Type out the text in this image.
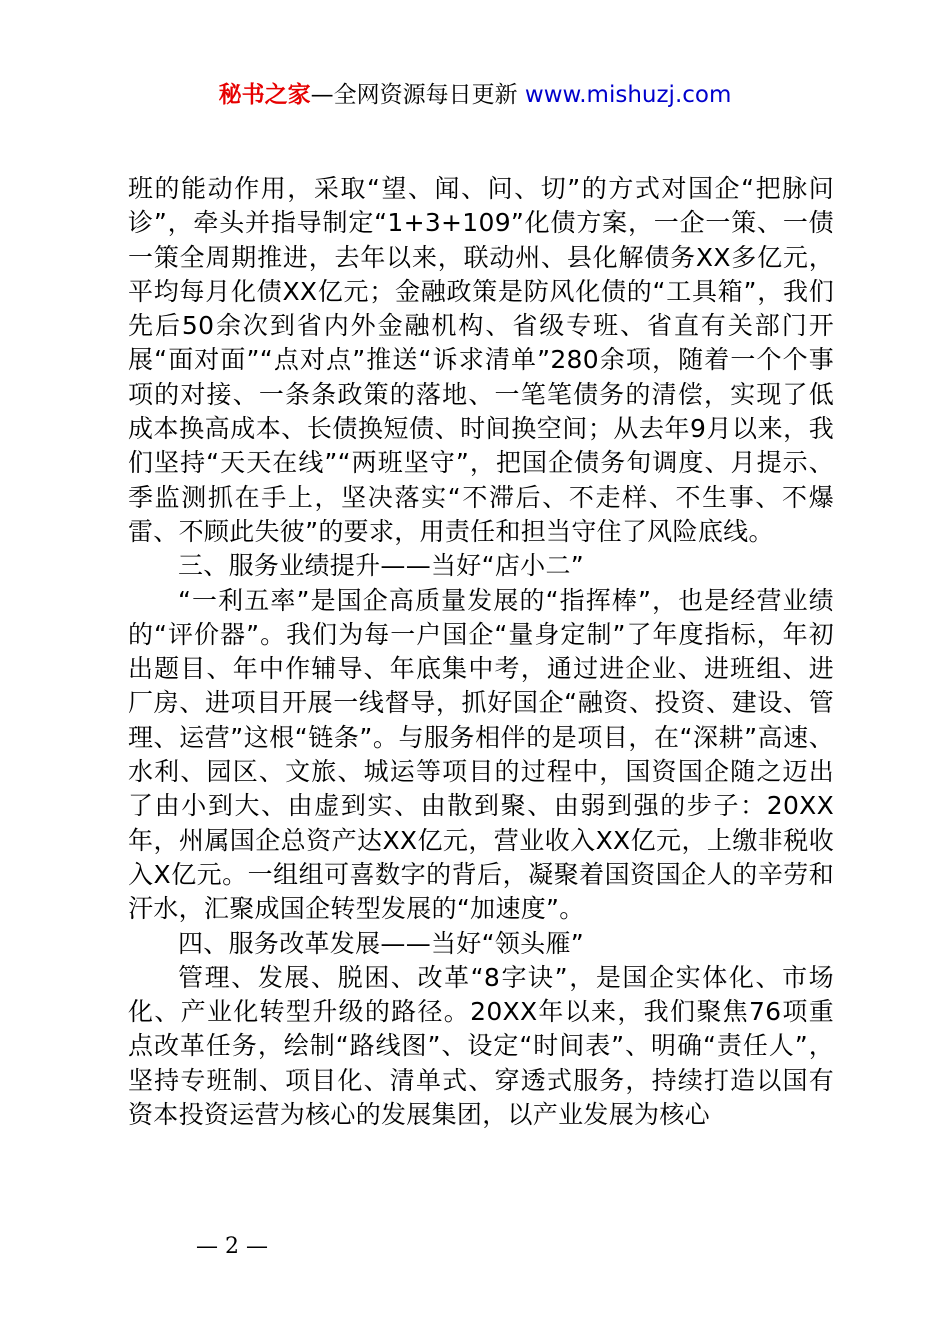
秘书之家—全网资源每日更新 www.mishuzj.com

班的能动作用，采取“望、闻、问、切”的方式对国企“把脉问诊”，牵头并指导制定“1+3+109”化债方案，一企一策、一债一策全周期推进，去年以来，联动州、县化解债务XX多亿元，平均每月化债XX亿元；金融政策是防风化债的“工具箱”，我们先后50余次到省内外金融机构、省级专班、省直有关部门开展“面对面”“点对点”推送“诉求清单”280余项，随着一个个事项的对接、一条条政策的落地、一笔笔债务的清偿，实现了低成本换高成本、长债换短债、时间换空间；从去年9月以来，我们坚持“天天在线”“两班坚守”，把国企债务旬调度、月提示、季监测抓在手上，坚决落实“不滞后、不走样、不生事、不爆雷、不顾此失彼”的要求，用责任和担当守住了风险底线。

三、服务业绩提升——当好“店小二”

“一利五率”是国企高质量发展的“指挥棒”，也是经营业绩的“评价器”。我们为每一户国企“量身定制”了年度指标，年初出题目、年中作辅导、年底集中考，通过进企业、进班组、进厂房、进项目开展一线督导，抓好国企“融资、投资、建设、管理、运营”这根“链条”。与服务相伴的是项目，在“深耕”高速、水利、园区、文旅、城运等项目的过程中，国资国企随之迈出了由小到大、由虚到实、由散到聚、由弱到强的步子：20XX年，州属国企总资产达XX亿元，营业收入XX亿元，上缴非税收入X亿元。一组组可喜数字的背后，凝聚着国资国企人的辛劳和汗水，汇聚成国企转型发展的“加速度”。

四、服务改革发展——当好“领头雁”

管理、发展、脱困、改革“8字诀”，是国企实体化、市场化、产业化转型升级的路径。20XX年以来，我们聚焦76项重点改革任务，绘制“路线图”、设定“时间表”、明确“责任人”，坚持专班制、项目化、清单式、穿透式服务，持续打造以国有资本投资运营为核心的发展集团，以产业发展为核心

— 2 —
